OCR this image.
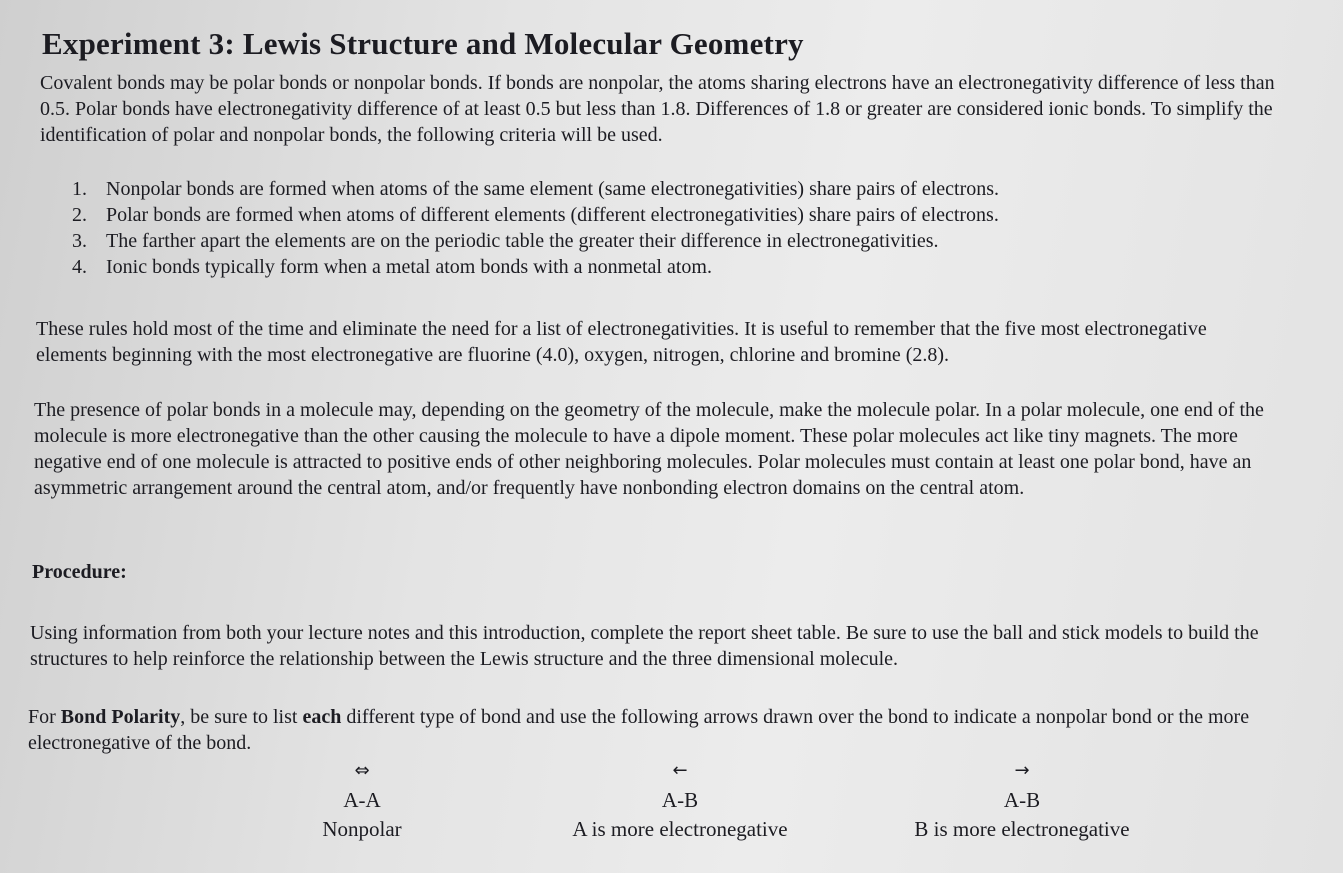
Experiment 3: Lewis Structure and Molecular Geometry

Covalent bonds may be polar bonds or nonpolar bonds. If bonds are nonpolar, the atoms sharing electrons have an electronegativity difference of less than 0.5. Polar bonds have electronegativity difference of at least 0.5 but less than 1.8. Differences of 1.8 or greater are considered ionic bonds. To simplify the identification of polar and nonpolar bonds, the following criteria will be used.

1. Nonpolar bonds are formed when atoms of the same element (same electronegativities) share pairs of electrons.
2. Polar bonds are formed when atoms of different elements (different electronegativities) share pairs of electrons.
3. The farther apart the elements are on the periodic table the greater their difference in electronegativities.
4. Ionic bonds typically form when a metal atom bonds with a nonmetal atom.

These rules hold most of the time and eliminate the need for a list of electronegativities. It is useful to remember that the five most electronegative elements beginning with the most electronegative are fluorine (4.0), oxygen, nitrogen, chlorine and bromine (2.8).

The presence of polar bonds in a molecule may, depending on the geometry of the molecule, make the molecule polar. In a polar molecule, one end of the molecule is more electronegative than the other causing the molecule to have a dipole moment. These polar molecules act like tiny magnets. The more negative end of one molecule is attracted to positive ends of other neighboring molecules. Polar molecules must contain at least one polar bond, have an asymmetric arrangement around the central atom, and/or frequently have nonbonding electron domains on the central atom.

Procedure:

Using information from both your lecture notes and this introduction, complete the report sheet table. Be sure to use the ball and stick models to build the structures to help reinforce the relationship between the Lewis structure and the three dimensional molecule.

For Bond Polarity, be sure to list each different type of bond and use the following arrows drawn over the bond to indicate a nonpolar bond or the more electronegative of the bond.

⇔
A-A
Nonpolar
←
A-B
A is more electronegative
→
A-B
B is more electronegative
